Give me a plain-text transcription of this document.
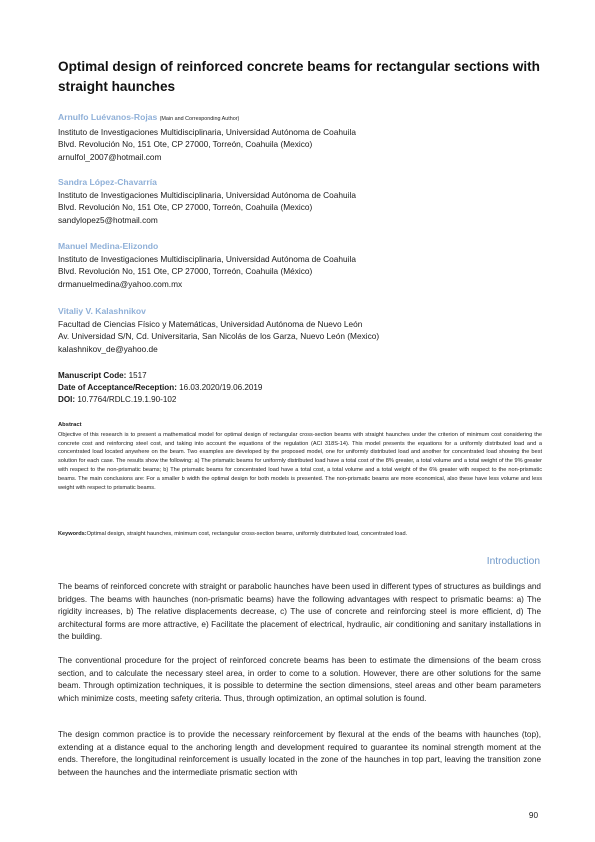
Optimal design of reinforced concrete beams for rectangular sections with straight haunches
Arnulfo Luévanos-Rojas (Main and Corresponding Author)
Instituto de Investigaciones Multidisciplinaria, Universidad Autónoma de Coahuila
Blvd. Revolución No, 151 Ote, CP 27000, Torreón, Coahuila (Mexico)
arnulfol_2007@hotmail.com
Sandra López-Chavarría
Instituto de Investigaciones Multidisciplinaria, Universidad Autónoma de Coahuila
Blvd. Revolución No, 151 Ote, CP 27000, Torreón, Coahuila (Mexico)
sandylopez5@hotmail.com
Manuel Medina-Elizondo
Instituto de Investigaciones Multidisciplinaria, Universidad Autónoma de Coahuila
Blvd. Revolución No, 151 Ote, CP 27000, Torreón, Coahuila (México)
drmanuelmedina@yahoo.com.mx
Vitaliy V. Kalashnikov
Facultad de Ciencias Físico y Matemáticas, Universidad Autónoma de Nuevo León
Av. Universidad S/N, Cd. Universitaria, San Nicolás de los Garza, Nuevo León (Mexico)
kalashnikov_de@yahoo.de
Manuscript Code: 1517
Date of Acceptance/Reception: 16.03.2020/19.06.2019
DOI: 10.7764/RDLC.19.1.90-102
Abstract

Objective of this research is to present a mathematical model for optimal design of rectangular cross-section beams with straight haunches under the criterion of minimum cost considering the concrete cost and reinforcing steel cost, and taking into account the equations of the regulation (ACI 318S-14). This model presents the equations for a uniformly distributed load and a concentrated load located anywhere on the beam. Two examples are developed by the proposed model, one for uniformly distributed load and another for concentrated load showing the best solution for each case. The results show the following: a) The prismatic beams for uniformly distributed load have a total cost of the 8% greater, a total volume and a total weight of the 9% greater with respect to the non-prismatic beams; b) The prismatic beams for concentrated load have a total cost, a total volume and a total weight of the 6% greater with respect to the non-prismatic beams. The main conclusions are: For a smaller b width the optimal design for both models is presented. The non-prismatic beams are more economical, also these have less volume and less weight with respect to prismatic beams.

Keywords:Optimal design, straight haunches, minimum cost, rectangular cross-section beams, uniformly distributed load, concentrated load.
Introduction

The beams of reinforced concrete with straight or parabolic haunches have been used in different types of structures as buildings and bridges. The beams with haunches (non-prismatic beams) have the following advantages with respect to prismatic beams: a) The rigidity increases, b) The relative displacements decrease, c) The use of concrete and reinforcing steel is more efficient, d) The architectural forms are more attractive, e) Facilitate the placement of electrical, hydraulic, air conditioning and sanitary installations in the building.

The conventional procedure for the project of reinforced concrete beams has been to estimate the dimensions of the beam cross section, and to calculate the necessary steel area, in order to come to a solution. However, there are other solutions for the same beam. Through optimization techniques, it is possible to determine the section dimensions, steel areas and other beam parameters which minimize costs, meeting safety criteria. Thus, through optimization, an optimal solution is found.

The design common practice is to provide the necessary reinforcement by flexural at the ends of the beams with haunches (top), extending at a distance equal to the anchoring length and development required to guarantee its nominal strength moment at the ends. Therefore, the longitudinal reinforcement is usually located in the zone of the haunches in top part, leaving the transition zone between the haunches and the intermediate prismatic section with

90
